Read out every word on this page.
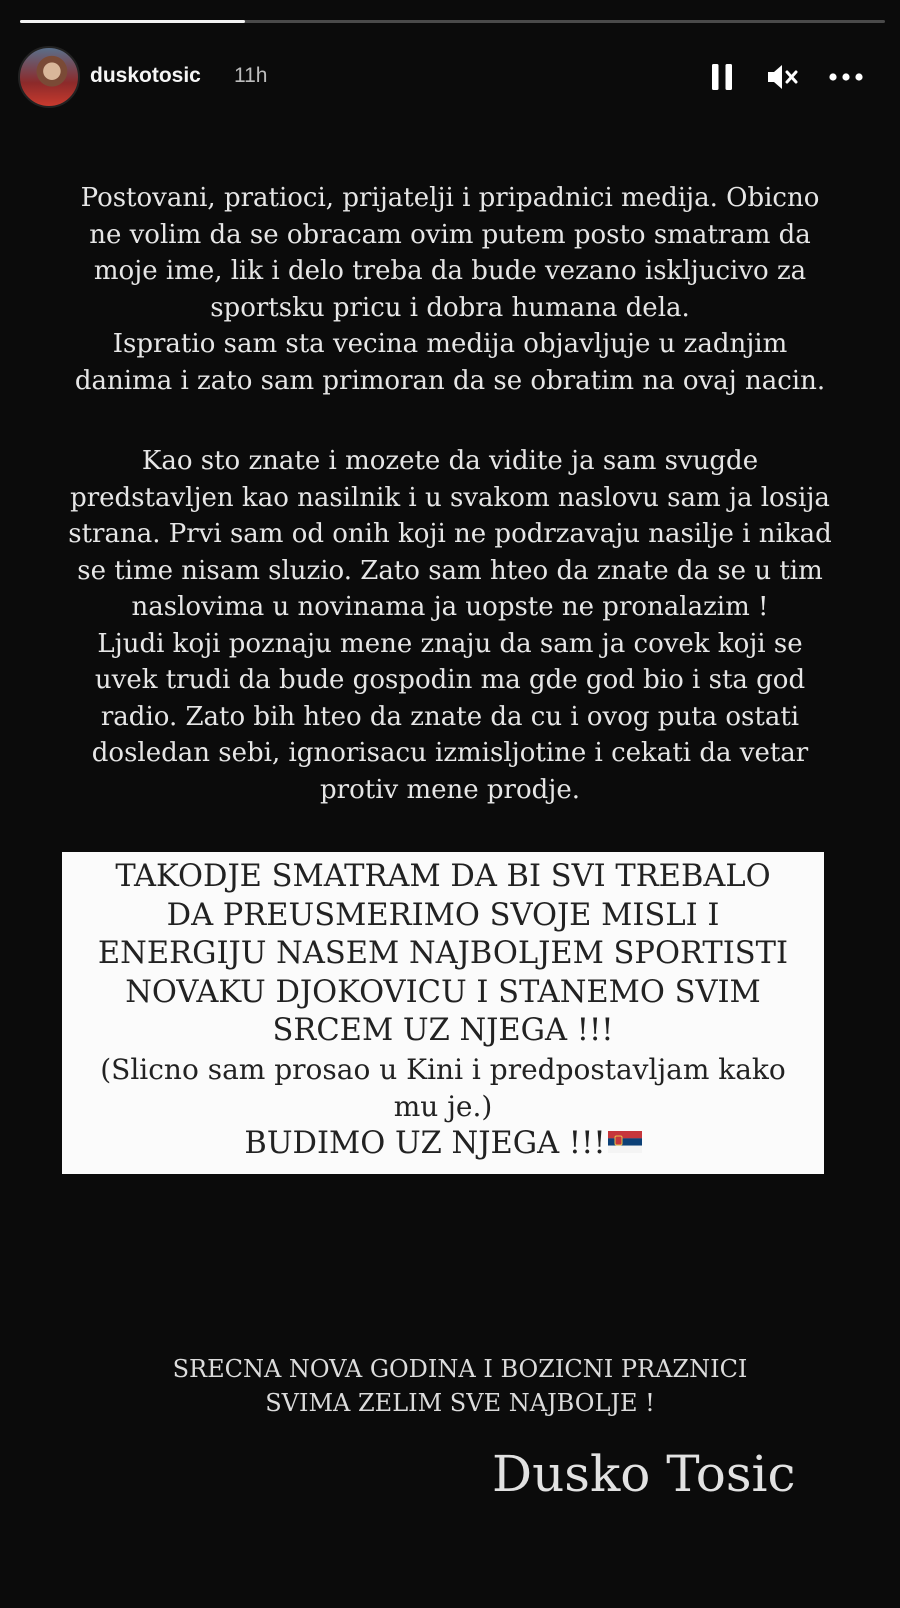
duskotosic 11h
Postovani, pratioci, prijatelji i pripadnici medija. Obicno
ne volim da se obracam ovim putem posto smatram da
moje ime, lik i delo treba da bude vezano iskljucivo za
sportsku pricu i dobra humana dela.
Ispratio sam sta vecina medija objavljuje u zadnjim
danima i zato sam primoran da se obratim na ovaj nacin.
Kao sto znate i mozete da vidite ja sam svugde
predstavljen kao nasilnik i u svakom naslovu sam ja losija
strana. Prvi sam od onih koji ne podrzavaju nasilje i nikad
se time nisam sluzio. Zato sam hteo da znate da se u tim
naslovima u novinama ja uopste ne pronalazim !
Ljudi koji poznaju mene znaju da sam ja covek koji se
uvek trudi da bude gospodin ma gde god bio i sta god
radio. Zato bih hteo da znate da cu i ovog puta ostati
dosledan sebi, ignorisacu izmisljotine i cekati da vetar
protiv mene prodje.
TAKODJE SMATRAM DA BI SVI TREBALO
DA PREUSMERIMO SVOJE MISLI I
ENERGIJU NASEM NAJBOLJEM SPORTISTI
NOVAKU DJOKOVICU I STANEMO SVIM
SRCEM UZ NJEGA !!!
(Slicno sam prosao u Kini i predpostavljam kako
mu je.)
BUDIMO UZ NJEGA !!!
SRECNA NOVA GODINA I BOZICNI PRAZNICI
SVIMA ZELIM SVE NAJBOLJE !
Dusko Tosic
